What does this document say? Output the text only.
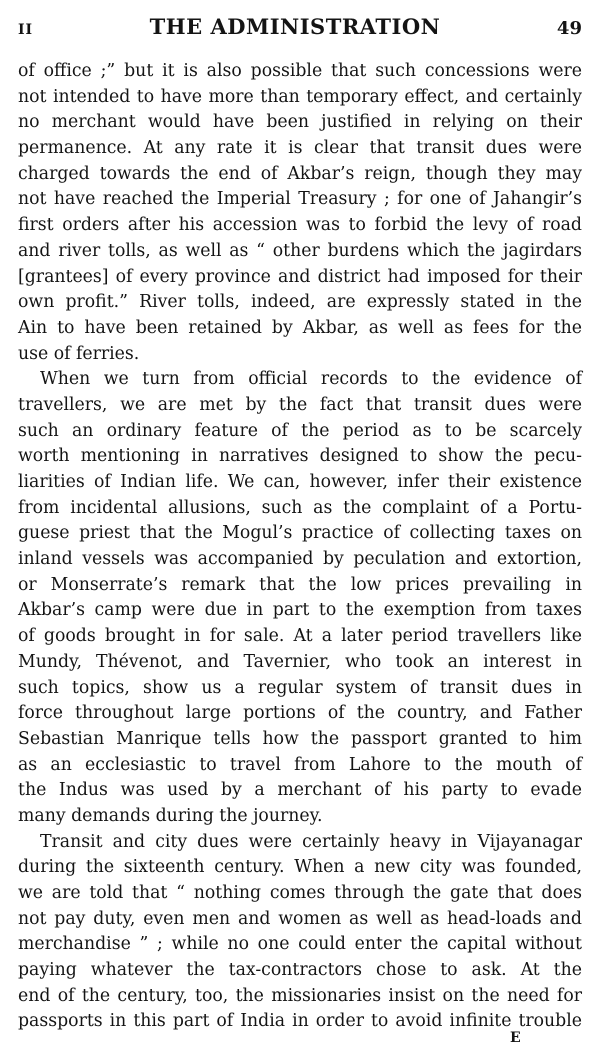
II	THE ADMINISTRATION	49
of office ;” but it is also possible that such concessions were
not intended to have more than temporary effect, and certainly
no merchant would have been justified in relying on their
permanence. At any rate it is clear that transit dues were
charged towards the end of Akbar’s reign, though they may
not have reached the Imperial Treasury ; for one of Jahangir’s
first orders after his accession was to forbid the levy of road
and river tolls, as well as “ other burdens which the jagirdars
[grantees] of every province and district had imposed for their
own profit.” River tolls, indeed, are expressly stated in the
Ain to have been retained by Akbar, as well as fees for the
use of ferries.
When we turn from official records to the evidence of
travellers, we are met by the fact that transit dues were
such an ordinary feature of the period as to be scarcely
worth mentioning in narratives designed to show the pecu-
liarities of Indian life. We can, however, infer their existence
from incidental allusions, such as the complaint of a Portu-
guese priest that the Mogul’s practice of collecting taxes on
inland vessels was accompanied by peculation and extortion,
or Monserrate’s remark that the low prices prevailing in
Akbar’s camp were due in part to the exemption from taxes
of goods brought in for sale. At a later period travellers like
Mundy, Thévenot, and Tavernier, who took an interest in
such topics, show us a regular system of transit dues in
force throughout large portions of the country, and Father
Sebastian Manrique tells how the passport granted to him
as an ecclesiastic to travel from Lahore to the mouth of
the Indus was used by a merchant of his party to evade
many demands during the journey.
Transit and city dues were certainly heavy in Vijayanagar
during the sixteenth century. When a new city was founded,
we are told that “ nothing comes through the gate that does
not pay duty, even men and women as well as head-loads and
merchandise ” ; while no one could enter the capital without
paying whatever the tax-contractors chose to ask. At the
end of the century, too, the missionaries insist on the need for
passports in this part of India in order to avoid infinite trouble
E
